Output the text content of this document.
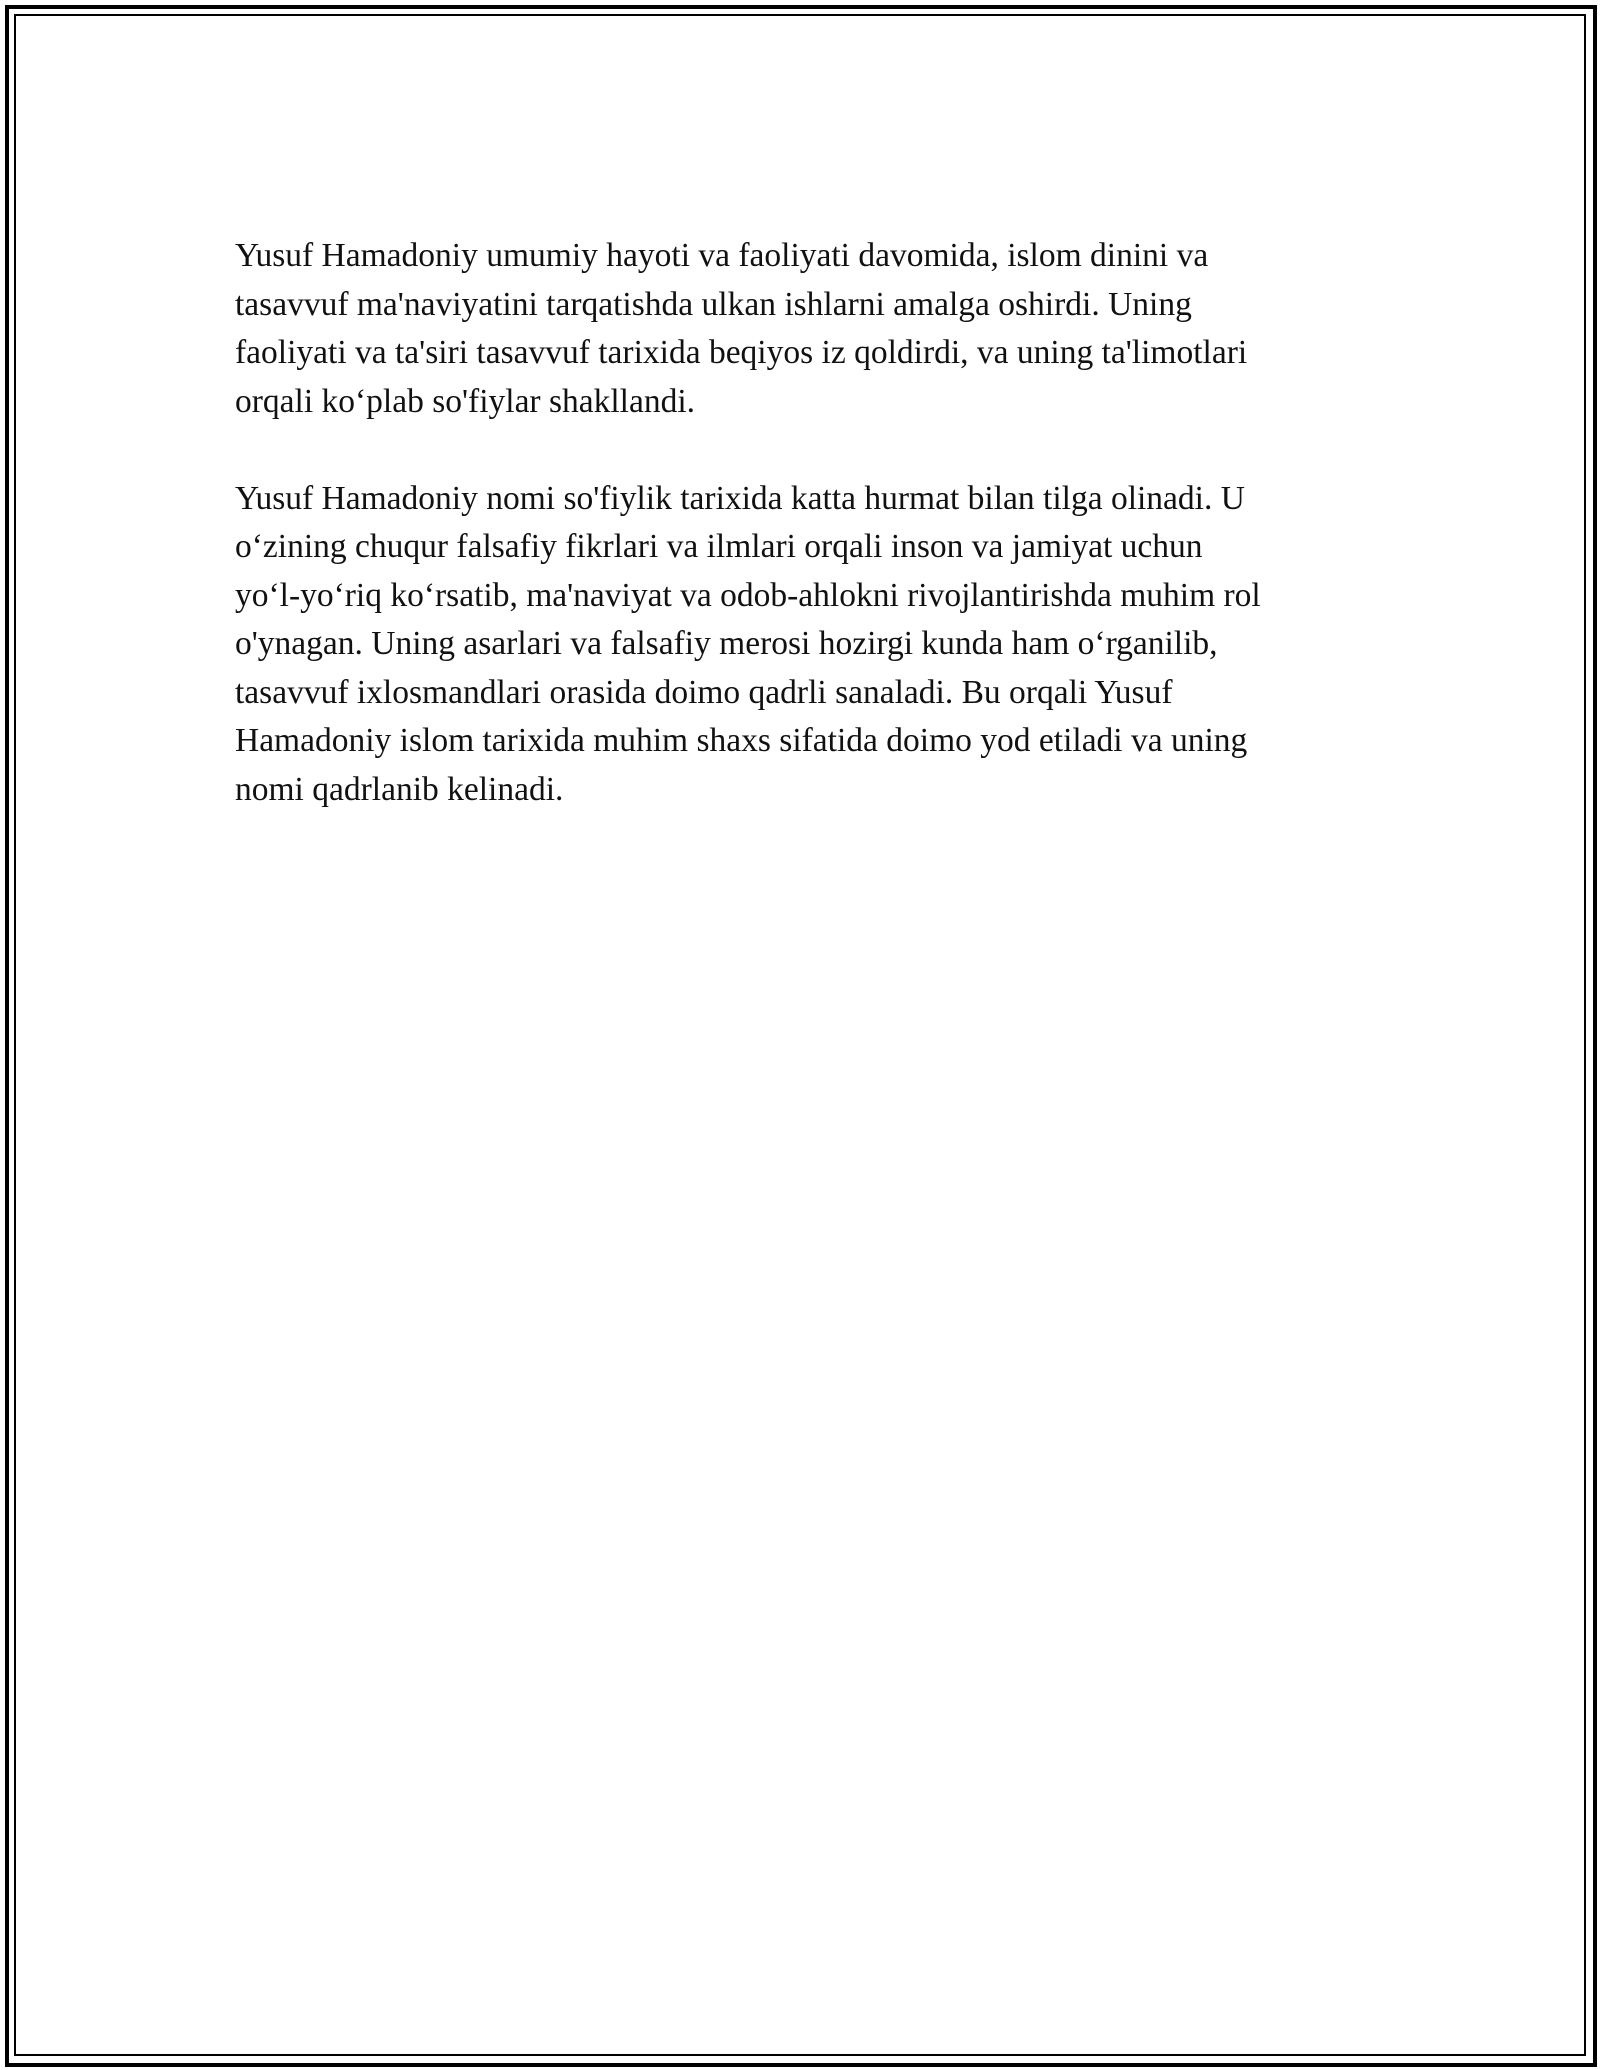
Yusuf Hamadoniy umumiy hayoti va faoliyati davomida, islom dinini va
tasavvuf ma'naviyatini tarqatishda ulkan ishlarni amalga oshirdi. Uning
faoliyati va ta'siri tasavvuf tarixida beqiyos iz qoldirdi, va uning ta'limotlari
orqali ko‘plab so'fiylar shakllandi.

Yusuf Hamadoniy nomi so'fiylik tarixida katta hurmat bilan tilga olinadi. U
o‘zining chuqur falsafiy fikrlari va ilmlari orqali inson va jamiyat uchun
yo‘l-yo‘riq ko‘rsatib, ma'naviyat va odob-ahlokni rivojlantirishda muhim rol
o'ynagan. Uning asarlari va falsafiy merosi hozirgi kunda ham o‘rganilib,
tasavvuf ixlosmandlari orasida doimo qadrli sanaladi. Bu orqali Yusuf
Hamadoniy islom tarixida muhim shaxs sifatida doimo yod etiladi va uning
nomi qadrlanib kelinadi.
